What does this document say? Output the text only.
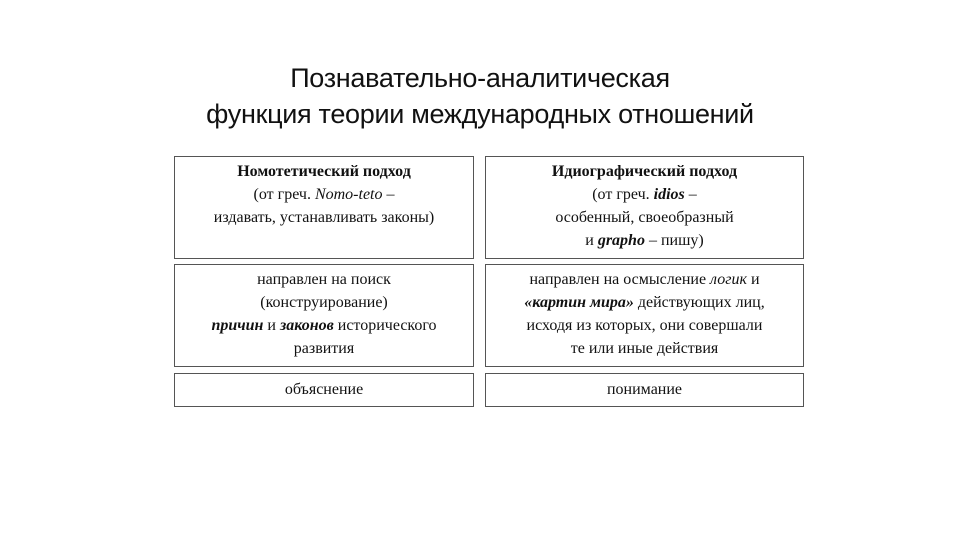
Познавательно-аналитическая
функция теории международных отношений
Номотетический подход
(от греч. Nomo-teto –
издавать, устанавливать законы)
направлен на поиск
(конструирование)
причин и законов исторического
развития
объяснение
Идиографический подход
(от греч. idios –
особенный, своеобразный
и grapho – пишу)
направлен на осмысление логик и
«картин мира» действующих лиц,
исходя из которых, они совершали
те или иные действия
понимание
